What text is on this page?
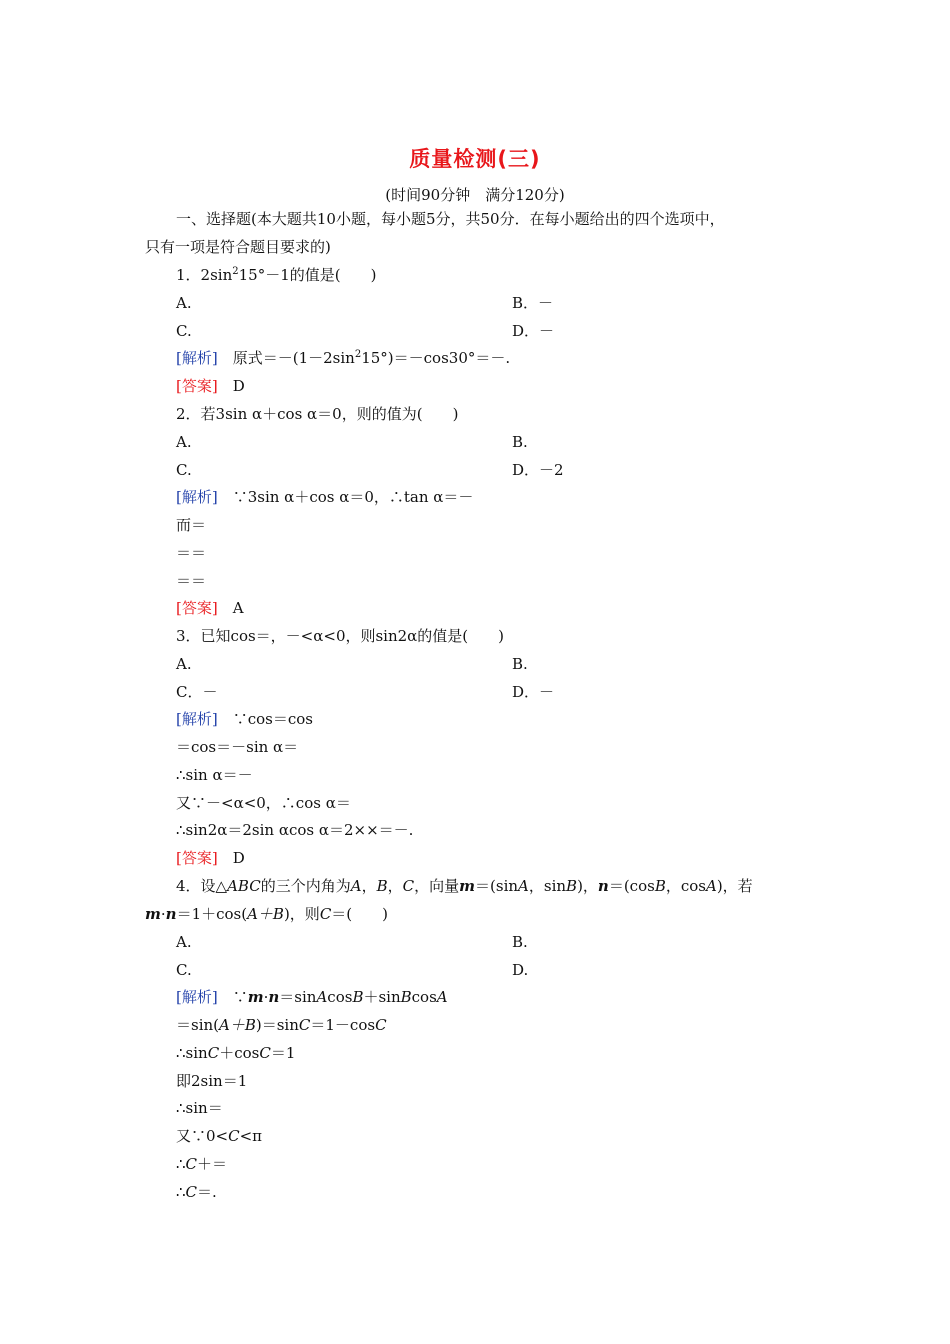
质量检测(三)
(时间90分钟　满分120分)
一、选择题(本大题共10小题，每小题5分，共50分．在每小题给出的四个选项中，
只有一项是符合题目要求的)
1．$2\sin^215^\circ-1$的值是(　　)
A.	B．－
C.	D．－
[解析]　原式$=-(1-2\sin^215^\circ)=-\cos 30^\circ=-$.
[答案]　D
2．若3sin α＋cos α＝0，则的值为(　　)
A.	B.
C.	D．－2
[解析]　∵3sin α＋cos α＝0，∴tan α＝－
而＝
＝＝
＝＝
[答案]　A
3．已知cos＝，－<α<0，则sin2α的值是(　　)
A.	B.
C．－	D．－
[解析]　∵cos＝cos
＝cos＝－sin α＝
∴sin α＝－
又∵－<α<0，∴cos α＝
∴sin2α＝2sin αcos α＝2××＝－.
[答案]　D
4．设△ABC的三个内角为A，B，C，向量m＝(sinA，sinB)，n＝(cosB，cosA)，若
m·n＝1＋cos(A＋B)，则C＝(　　)
A.	B.
C.	D.
[解析]　∵m·n＝sinAcosB＋sinBcosA
＝sin(A＋B)＝sinC＝1－cosC
∴sinC＋cosC＝1
即2sin＝1
∴sin＝
又∵0<C<π
∴C＋＝
∴C＝.
